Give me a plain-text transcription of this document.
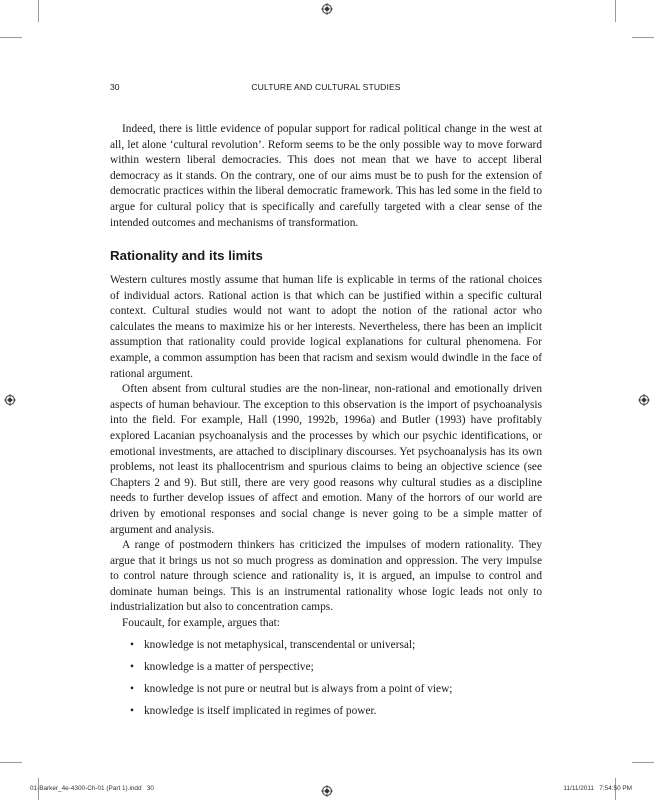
30	CULTURE AND CULTURAL STUDIES

Indeed, there is little evidence of popular support for radical political change in the west at all, let alone ‘cultural revolution’. Reform seems to be the only possible way to move forward within western liberal democracies. This does not mean that we have to accept liberal democracy as it stands. On the contrary, one of our aims must be to push for the extension of democratic practices within the liberal democratic framework. This has led some in the field to argue for cultural policy that is specifically and carefully targeted with a clear sense of the intended outcomes and mechanisms of transformation.

Rationality and its limits

Western cultures mostly assume that human life is explicable in terms of the rational choices of individual actors. Rational action is that which can be justified within a specific cultural context. Cultural studies would not want to adopt the notion of the rational actor who calculates the means to maximize his or her interests. Nevertheless, there has been an implicit assumption that rationality could provide logical explanations for cultural phenomena. For example, a common assumption has been that racism and sexism would dwindle in the face of rational argument.

Often absent from cultural studies are the non-linear, non-rational and emotionally driven aspects of human behaviour. The exception to this observation is the import of psychoanalysis into the field. For example, Hall (1990, 1992b, 1996a) and Butler (1993) have profitably explored Lacanian psychoanalysis and the processes by which our psychic identifications, or emotional investments, are attached to disciplinary discourses. Yet psychoanalysis has its own problems, not least its phallocentrism and spurious claims to being an objective science (see Chapters 2 and 9). But still, there are very good reasons why cultural studies as a discipline needs to further develop issues of affect and emotion. Many of the horrors of our world are driven by emotional responses and social change is never going to be a simple matter of argument and analysis.

A range of postmodern thinkers has criticized the impulses of modern rationality. They argue that it brings us not so much progress as domination and oppression. The very impulse to control nature through science and rationality is, it is argued, an impulse to control and dominate human beings. This is an instrumental rationality whose logic leads not only to industrialization but also to concentration camps.

Foucault, for example, argues that:

• knowledge is not metaphysical, transcendental or universal;
• knowledge is a matter of perspective;
• knowledge is not pure or neutral but is always from a point of view;
• knowledge is itself implicated in regimes of power.
01-Barker_4e-4300-Ch-01 (Part 1).indd   30	11/11/2011   7:54:50 PM
